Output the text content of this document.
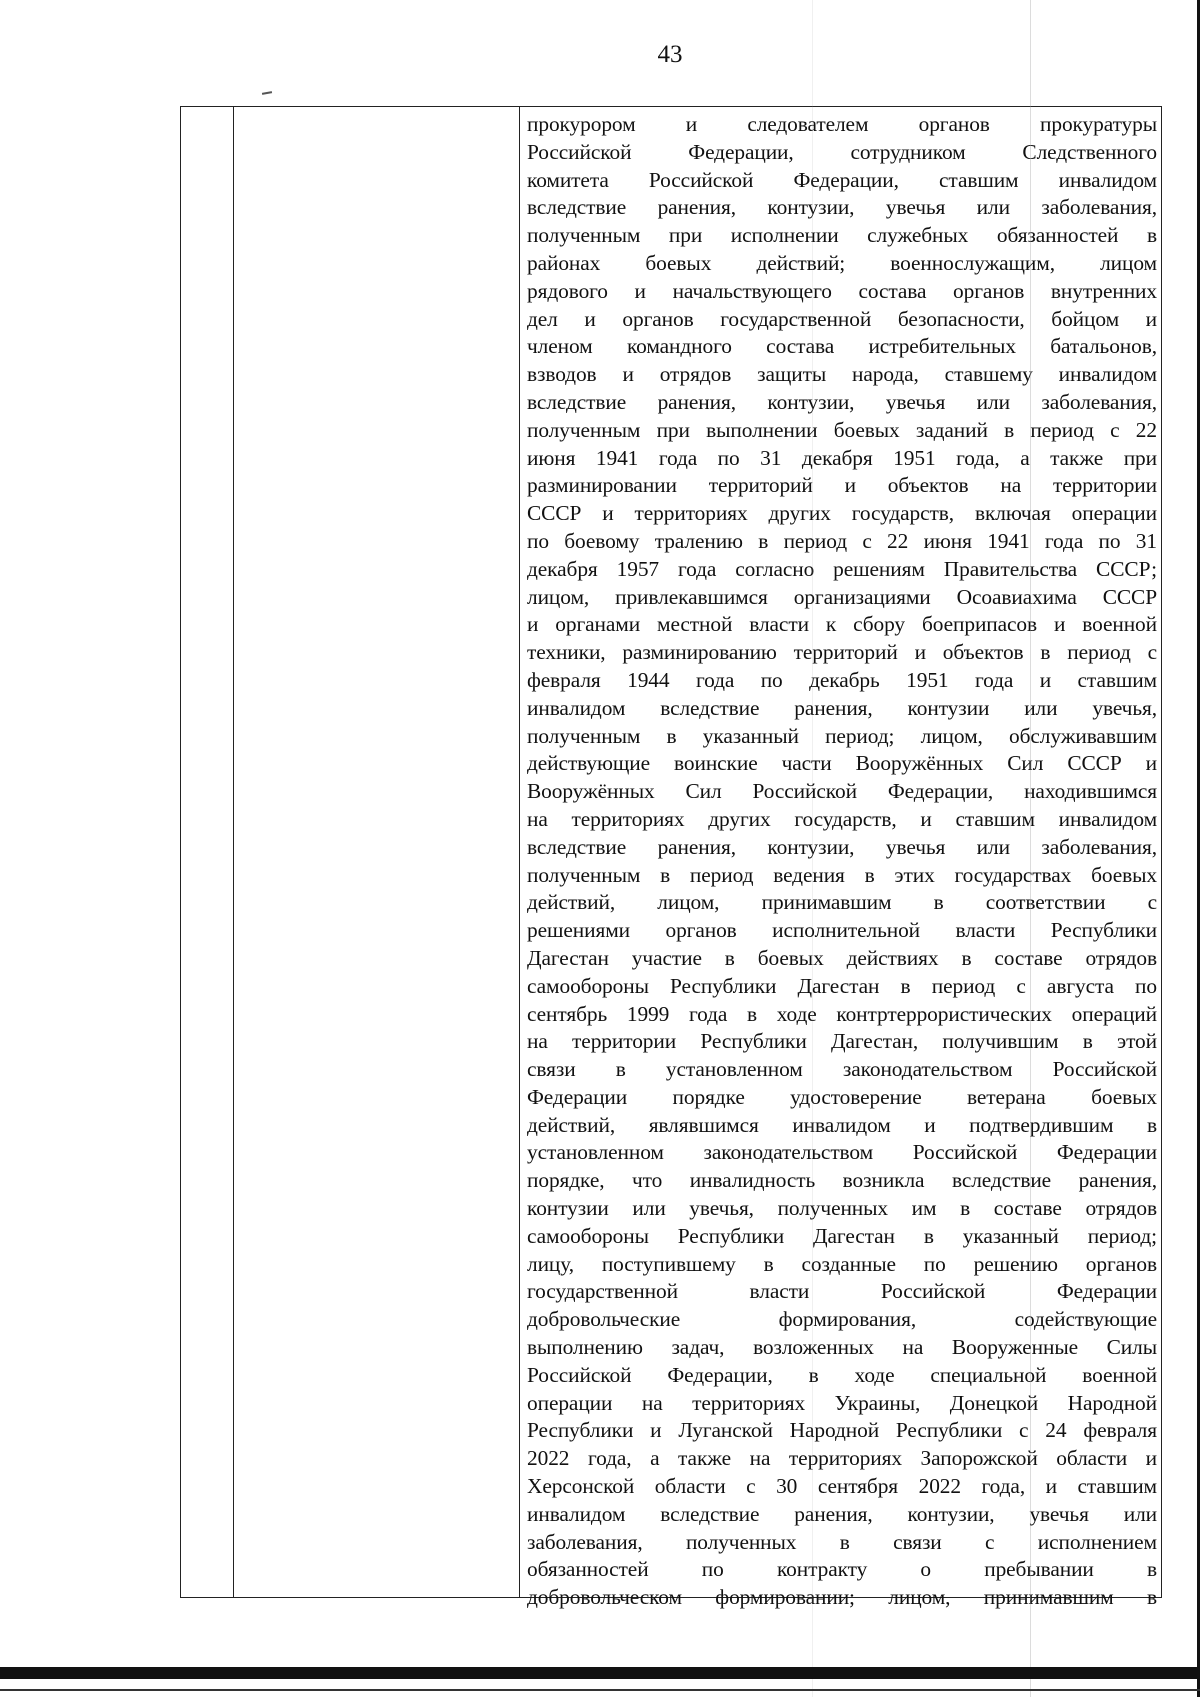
43
прокурором и следователем органов прокуратуры
Российской Федерации, сотрудником Следственного
комитета Российской Федерации, ставшим инвалидом
вследствие ранения, контузии, увечья или заболевания,
полученным при исполнении служебных обязанностей в
районах боевых действий; военнослужащим, лицом
рядового и начальствующего состава органов внутренних
дел и органов государственной безопасности, бойцом и
членом командного состава истребительных батальонов,
взводов и отрядов защиты народа, ставшему инвалидом
вследствие ранения, контузии, увечья или заболевания,
полученным при выполнении боевых заданий в период с 22
июня 1941 года по 31 декабря 1951 года, а также при
разминировании территорий и объектов на территории
СССР и территориях других государств, включая операции
по боевому тралению в период с 22 июня 1941 года по 31
декабря 1957 года согласно решениям Правительства СССР;
лицом, привлекавшимся организациями Осоавиахима СССР
и органами местной власти к сбору боеприпасов и военной
техники, разминированию территорий и объектов в период с
февраля 1944 года по декабрь 1951 года и ставшим
инвалидом вследствие ранения, контузии или увечья,
полученным в указанный период; лицом, обслуживавшим
действующие воинские части Вооружённых Сил СССР и
Вооружённых Сил Российской Федерации, находившимся
на территориях других государств, и ставшим инвалидом
вследствие ранения, контузии, увечья или заболевания,
полученным в период ведения в этих государствах боевых
действий, лицом, принимавшим в соответствии с
решениями органов исполнительной власти Республики
Дагестан участие в боевых действиях в составе отрядов
самообороны Республики Дагестан в период с августа по
сентябрь 1999 года в ходе контртеррористических операций
на территории Республики Дагестан, получившим в этой
связи в установленном законодательством Российской
Федерации порядке удостоверение ветерана боевых
действий, являвшимся инвалидом и подтвердившим в
установленном законодательством Российской Федерации
порядке, что инвалидность возникла вследствие ранения,
контузии или увечья, полученных им в составе отрядов
самообороны Республики Дагестан в указанный период;
лицу, поступившему в созданные по решению органов
государственной власти Российской Федерации
добровольческие формирования, содействующие
выполнению задач, возложенных на Вооруженные Силы
Российской Федерации, в ходе специальной военной
операции на территориях Украины, Донецкой Народной
Республики и Луганской Народной Республики с 24 февраля
2022 года, а также на территориях Запорожской области и
Херсонской области с 30 сентября 2022 года, и ставшим
инвалидом вследствие ранения, контузии, увечья или
заболевания, полученных в связи с исполнением
обязанностей по контракту о пребывании в
добровольческом формировании; лицом, принимавшим в
